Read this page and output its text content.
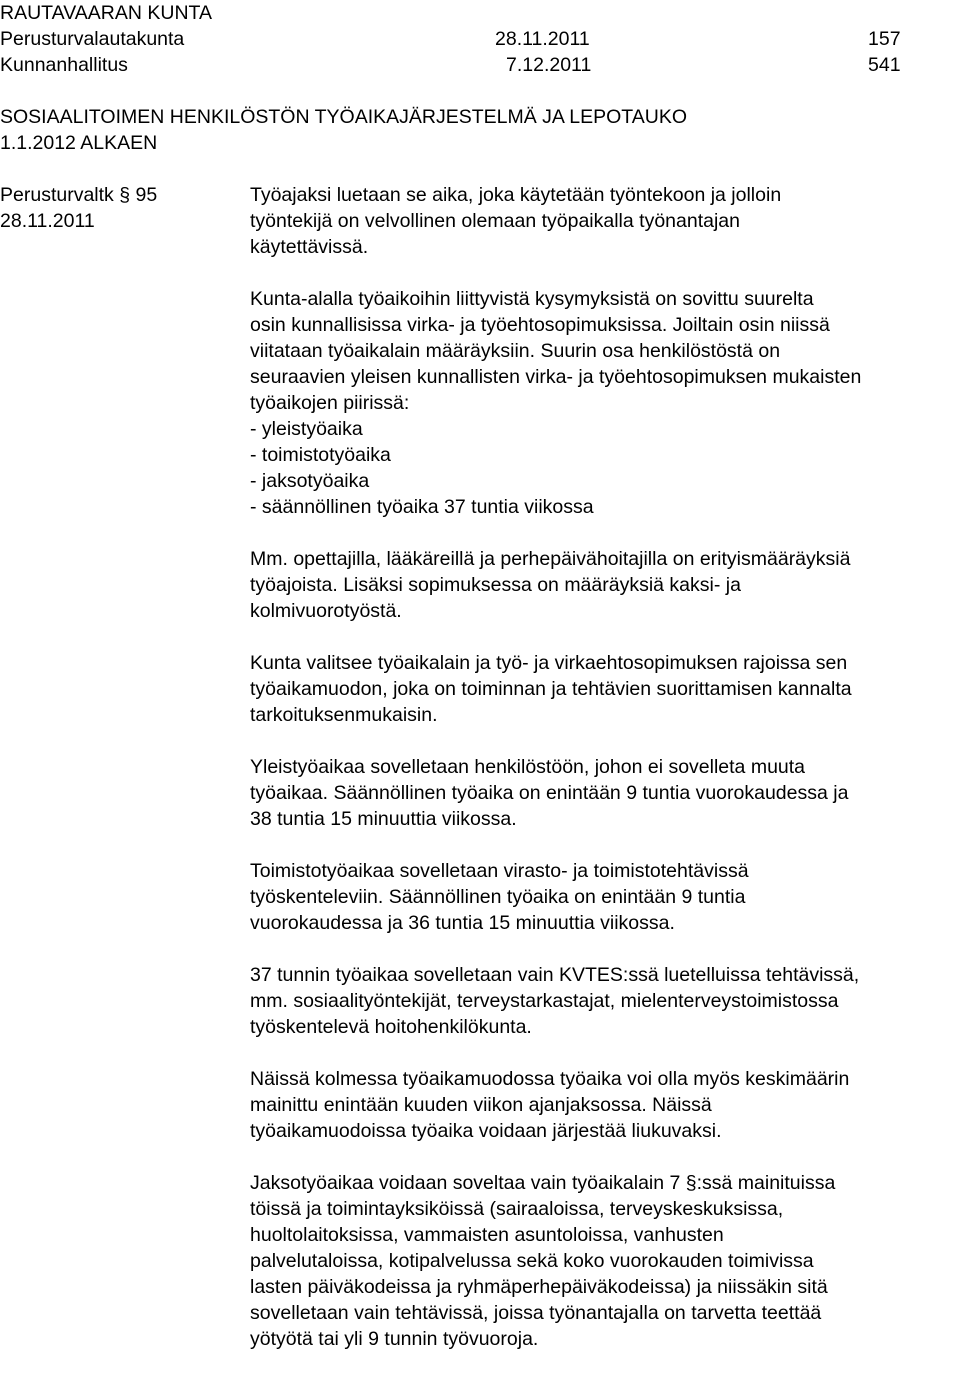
RAUTAVAARAN KUNTA
Perusturvalautakunta	28.11.2011	157
Kunnanhallitus	7.12.2011	541
SOSIAALITOIMEN HENKILÖSTÖN TYÖAIKAJÄRJESTELMÄ JA LEPOTAUKO
1.1.2012 ALKAEN
Perusturvaltk § 95
28.11.2011
Työajaksi luetaan se aika, joka käytetään työntekoon ja jolloin
työntekijä on velvollinen olemaan työpaikalla työnantajan
käytettävissä.
Kunta-alalla työaikoihin liittyvistä kysymyksistä on sovittu suurelta
osin kunnallisissa virka- ja työehtosopimuksissa. Joiltain osin niissä
viitataan työaikalain määräyksiin. Suurin osa henkilöstöstä on
seuraavien yleisen kunnallisten virka- ja työehtosopimuksen mukaisten
työaikojen piirissä:
- yleistyöaika
- toimistotyöaika
- jaksotyöaika
- säännöllinen työaika 37 tuntia viikossa
Mm. opettajilla, lääkäreillä ja perhepäivähoitajilla on erityismääräyksiä
työajoista. Lisäksi sopimuksessa on määräyksiä kaksi- ja
kolmivuorotyöstä.
Kunta valitsee työaikalain ja työ- ja virkaehtosopimuksen rajoissa sen
työaikamuodon, joka on toiminnan ja tehtävien suorittamisen kannalta
tarkoituksenmukaisin.
Yleistyöaikaa sovelletaan henkilöstöön, johon ei sovelleta muuta
työaikaa. Säännöllinen työaika on enintään 9 tuntia vuorokaudessa ja
38 tuntia 15 minuuttia viikossa.
Toimistotyöaikaa sovelletaan virasto- ja toimistotehtävissä
työskenteleviin. Säännöllinen työaika on enintään 9 tuntia
vuorokaudessa ja 36 tuntia 15 minuuttia viikossa.
37 tunnin työaikaa sovelletaan vain KVTES:ssä luetelluissa tehtävissä,
mm. sosiaalityöntekijät, terveystarkastajat, mielenterveystoimistossa
työskentelevä hoitohenkilökunta.
Näissä kolmessa työaikamuodossa työaika voi olla myös keskimäärin
mainittu enintään kuuden viikon ajanjaksossa. Näissä
työaikamuodoissa työaika voidaan järjestää liukuvaksi.
Jaksotyöaikaa voidaan soveltaa vain työaikalain 7 §:ssä mainituissa
töissä ja toimintayksiköissä (sairaaloissa, terveyskeskuksissa,
huoltolaitoksissa, vammaisten asuntoloissa, vanhusten
palvelutaloissa, kotipalvelussa sekä koko vuorokauden toimivissa
lasten päiväkodeissa ja ryhmäperhepäiväkodeissa) ja niissäkin sitä
sovelletaan vain tehtävissä, joissa työnantajalla on tarvetta teettää
yötyötä tai yli 9 tunnin työvuoroja.
